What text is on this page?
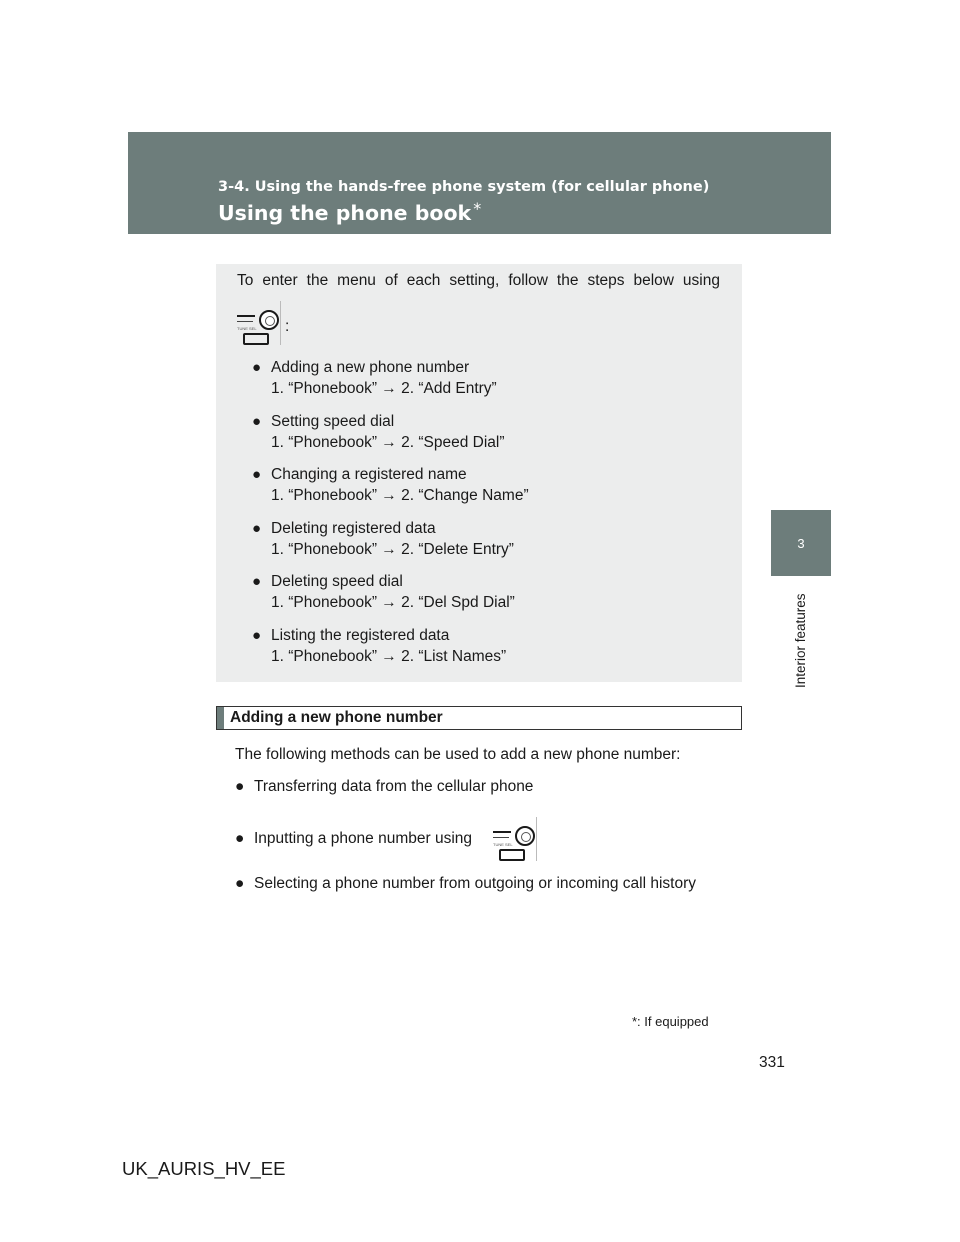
3-4. Using the hands-free phone system (for cellular phone)

Using the phone book *

3
Interior features

To enter the menu of each setting, follow the steps below using

TUNE SEL :
● Adding a new phone number
1. “Phonebook” → 2. “Add Entry”
● Setting speed dial
1. “Phonebook” → 2. “Speed Dial”
● Changing a registered name
1. “Phonebook” → 2. “Change Name”
● Deleting registered data
1. “Phonebook” → 2. “Delete Entry”
● Deleting speed dial
1. “Phonebook” → 2. “Del Spd Dial”
● Listing the registered data
1. “Phonebook” → 2. “List Names”
Adding a new phone number

The following methods can be used to add a new phone number:

● Transferring data from the cellular phone
● Inputting a phone number using	TUNE SEL
● Selecting a phone number from outgoing or incoming call history
*: If equipped
331
UK_AURIS_HV_EE
